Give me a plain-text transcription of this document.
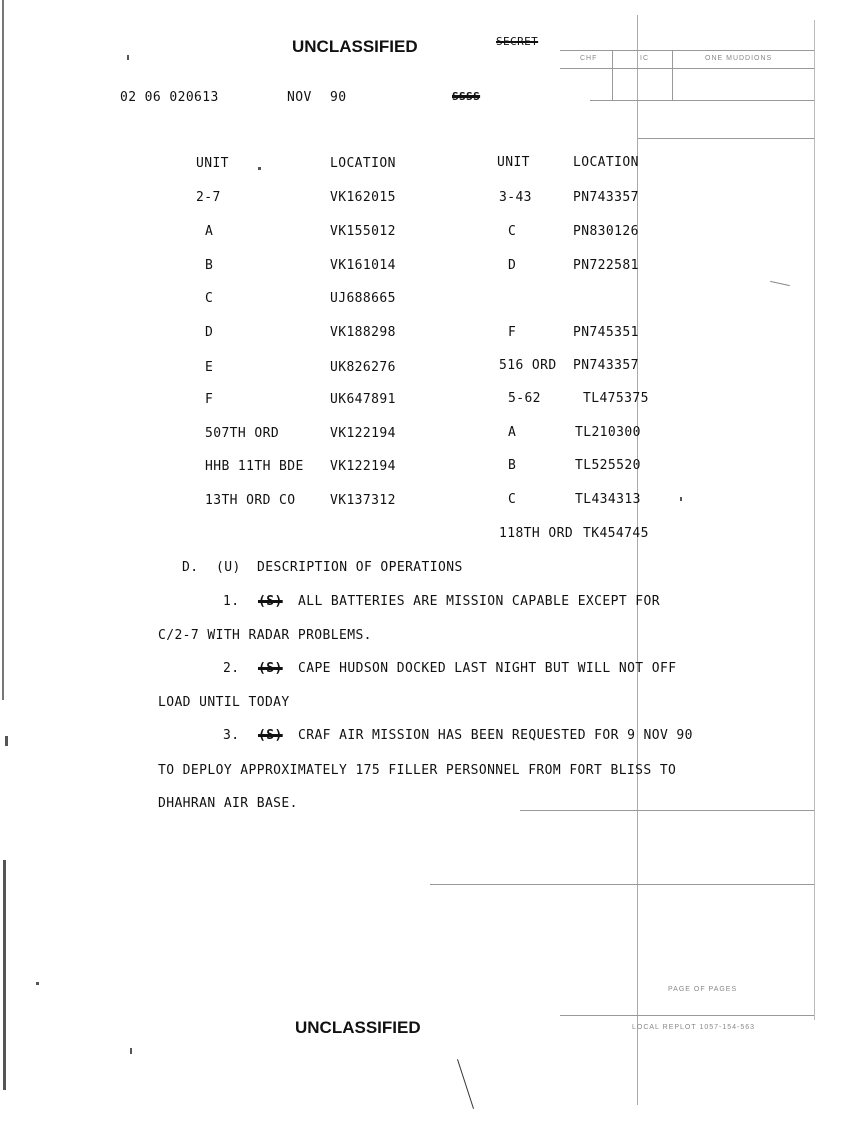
CHF	IC	ONE MUDDIONS
UNCLASSIFIED	SECRET
02 06 020613	NOV 90	SSSS
UNIT	LOCATION	UNIT	LOCATION
2-7	VK162015
A	VK155012
B	VK161014
C	UJ688665
D	VK188298
E	UK826276
F	UK647891
507TH ORD	VK122194
HHB 11TH BDE VK122194
13TH ORD CO	VK137312
3-43	PN743357
C	PN830126
D	PN722581
F	PN745351
516 ORD PN743357
5-62	TL475375
A	TL210300
B	TL525520
C	TL434313
118TH ORD TK454745
D. (U) DESCRIPTION OF OPERATIONS
1. (S) ALL BATTERIES ARE MISSION CAPABLE EXCEPT FOR
C/2-7 WITH RADAR PROBLEMS.
2. (S) CAPE HUDSON DOCKED LAST NIGHT BUT WILL NOT OFF
LOAD UNTIL TODAY
3. (S) CRAF AIR MISSION HAS BEEN REQUESTED FOR 9 NOV 90
TO DEPLOY APPROXIMATELY 175 FILLER PERSONNEL FROM FORT BLISS TO
DHAHRAN AIR BASE.
UNCLASSIFIED
PAGE OF PAGES
LOCAL REPLOT 1057-154-563
